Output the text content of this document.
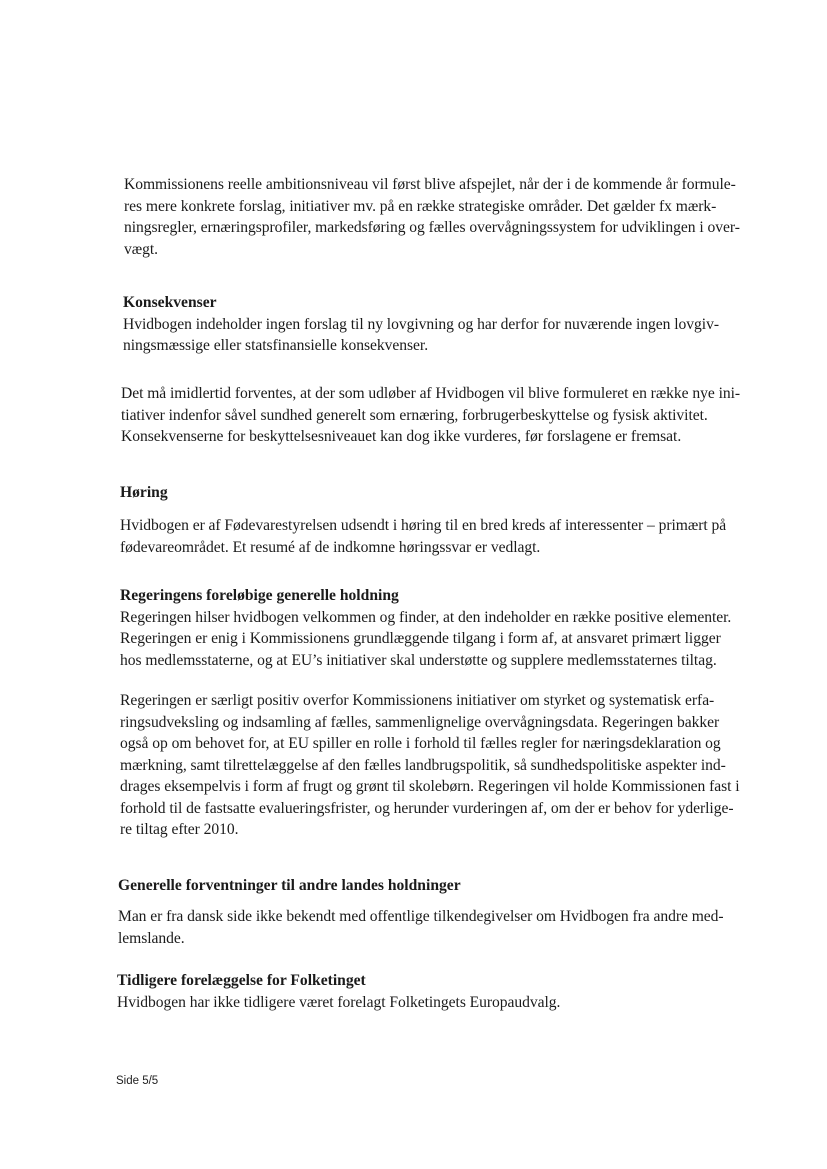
Kommissionens reelle ambitionsniveau vil først blive afspejlet, når der i de kommende år formule-
res mere konkrete forslag, initiativer mv. på en række strategiske områder. Det gælder fx mærk-
ningsregler, ernæringsprofiler, markedsføring og fælles overvågningssystem for udviklingen i over-
vægt.
Konsekvenser
Hvidbogen indeholder ingen forslag til ny lovgivning og har derfor for nuværende ingen lovgiv-
ningsmæssige eller statsfinansielle konsekvenser.
Det må imidlertid forventes, at der som udløber af Hvidbogen vil blive formuleret en række nye ini-
tiativer indenfor såvel sundhed generelt som ernæring, forbrugerbeskyttelse og fysisk aktivitet.
Konsekvenserne for beskyttelsesniveauet kan dog ikke vurderes, før forslagene er fremsat.
Høring
Hvidbogen er af Fødevarestyrelsen udsendt i høring til en bred kreds af interessenter – primært på
fødevareområdet. Et resumé af de indkomne høringssvar er vedlagt.
Regeringens foreløbige generelle holdning
Regeringen hilser hvidbogen velkommen og finder, at den indeholder en række positive elementer.
Regeringen er enig i Kommissionens grundlæggende tilgang i form af, at ansvaret primært ligger
hos medlemsstaterne, og at EU’s initiativer skal understøtte og supplere medlemsstaternes tiltag.
Regeringen er særligt positiv overfor Kommissionens initiativer om styrket og systematisk erfa-
ringsudveksling og indsamling af fælles, sammenlignelige overvågningsdata. Regeringen bakker
også op om behovet for, at EU spiller en rolle i forhold til fælles regler for næringsdeklaration og
mærkning, samt tilrettelæggelse af den fælles landbrugspolitik, så sundhedspolitiske aspekter ind-
drages eksempelvis i form af frugt og grønt til skolebørn. Regeringen vil holde Kommissionen fast i
forhold til de fastsatte evalueringsfrister, og herunder vurderingen af, om der er behov for yderlige-
re tiltag efter 2010.
Generelle forventninger til andre landes holdninger
Man er fra dansk side ikke bekendt med offentlige tilkendegivelser om Hvidbogen fra andre med-
lemslande.
Tidligere forelæggelse for Folketinget
Hvidbogen har ikke tidligere været forelagt Folketingets Europaudvalg.
Side 5/5
